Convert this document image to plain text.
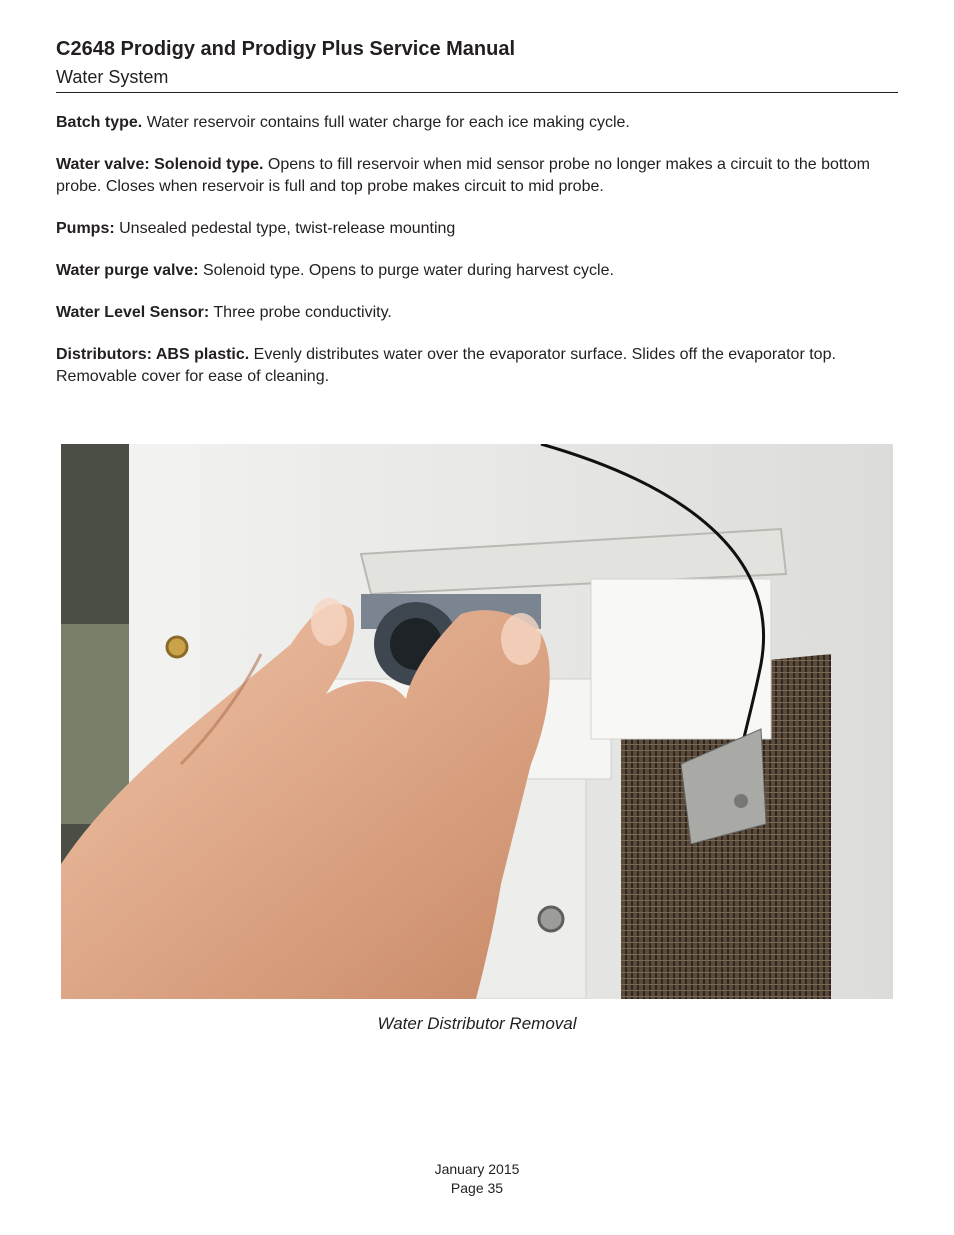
C2648 Prodigy and Prodigy Plus Service Manual
Water System

Batch type. Water reservoir contains full water charge for each ice making cycle.

Water valve: Solenoid type. Opens to fill reservoir when mid sensor probe no longer makes a circuit to the bottom probe. Closes when reservoir is full and top probe makes circuit to mid probe.

Pumps: Unsealed pedestal type, twist-release mounting

Water purge valve: Solenoid type. Opens to purge water during harvest cycle.

Water Level Sensor: Three probe conductivity.

Distributors: ABS plastic. Evenly distributes water over the evaporator surface. Slides off the evaporator top. Removable cover for ease of cleaning.

Water Distributor Removal
January 2015
Page 35
